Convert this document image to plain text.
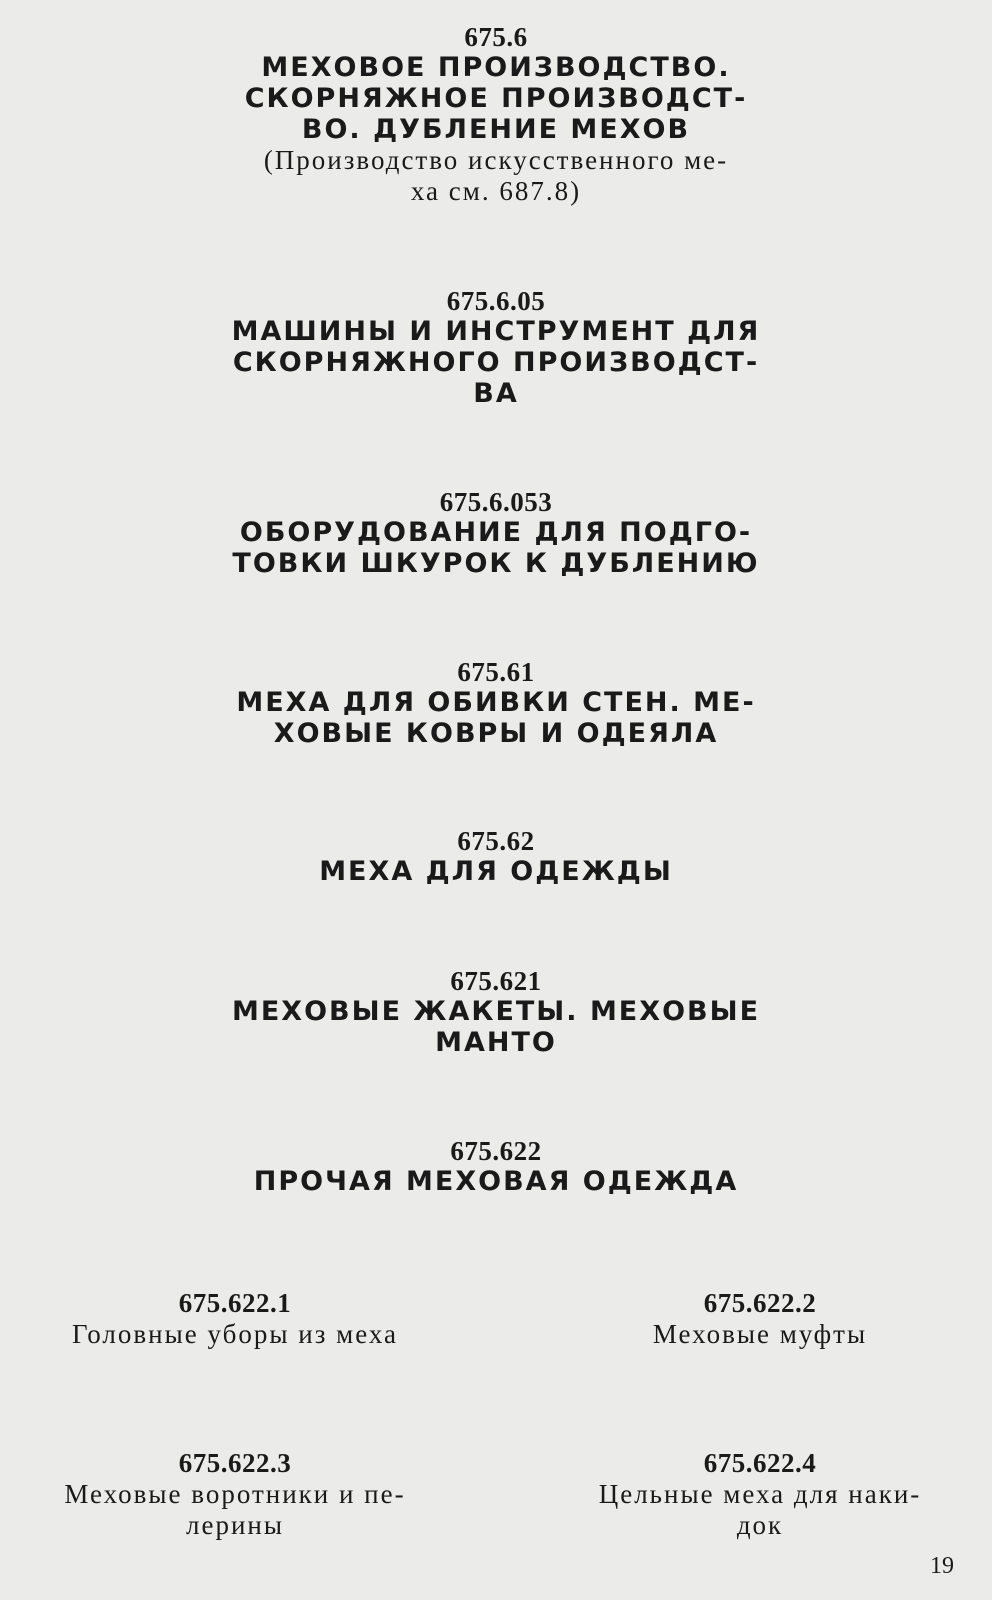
675.6
МЕХОВОЕ ПРОИЗВОДСТВО.
СКОРНЯЖНОЕ ПРОИЗВОДСТ-
ВО. ДУБЛЕНИЕ МЕХОВ
(Производство искусственного ме-
ха см. 687.8)
675.6.05
МАШИНЫ И ИНСТРУМЕНТ ДЛЯ
СКОРНЯЖНОГО ПРОИЗВОДСТ-
ВА
675.6.053
ОБОРУДОВАНИЕ ДЛЯ ПОДГО-
ТОВКИ ШКУРОК К ДУБЛЕНИЮ
675.61
МЕХА ДЛЯ ОБИВКИ СТЕН. МЕ-
ХОВЫЕ КОВРЫ И ОДЕЯЛА
675.62
МЕХА ДЛЯ ОДЕЖДЫ
675.621
МЕХОВЫЕ ЖАКЕТЫ. МЕХОВЫЕ
МАНТО
675.622
ПРОЧАЯ МЕХОВАЯ ОДЕЖДА
675.622.1
Головные уборы из меха
675.622.2
Меховые муфты
675.622.3
Меховые воротники и пе-
лерины
675.622.4
Цельные меха для наки-
док
19
